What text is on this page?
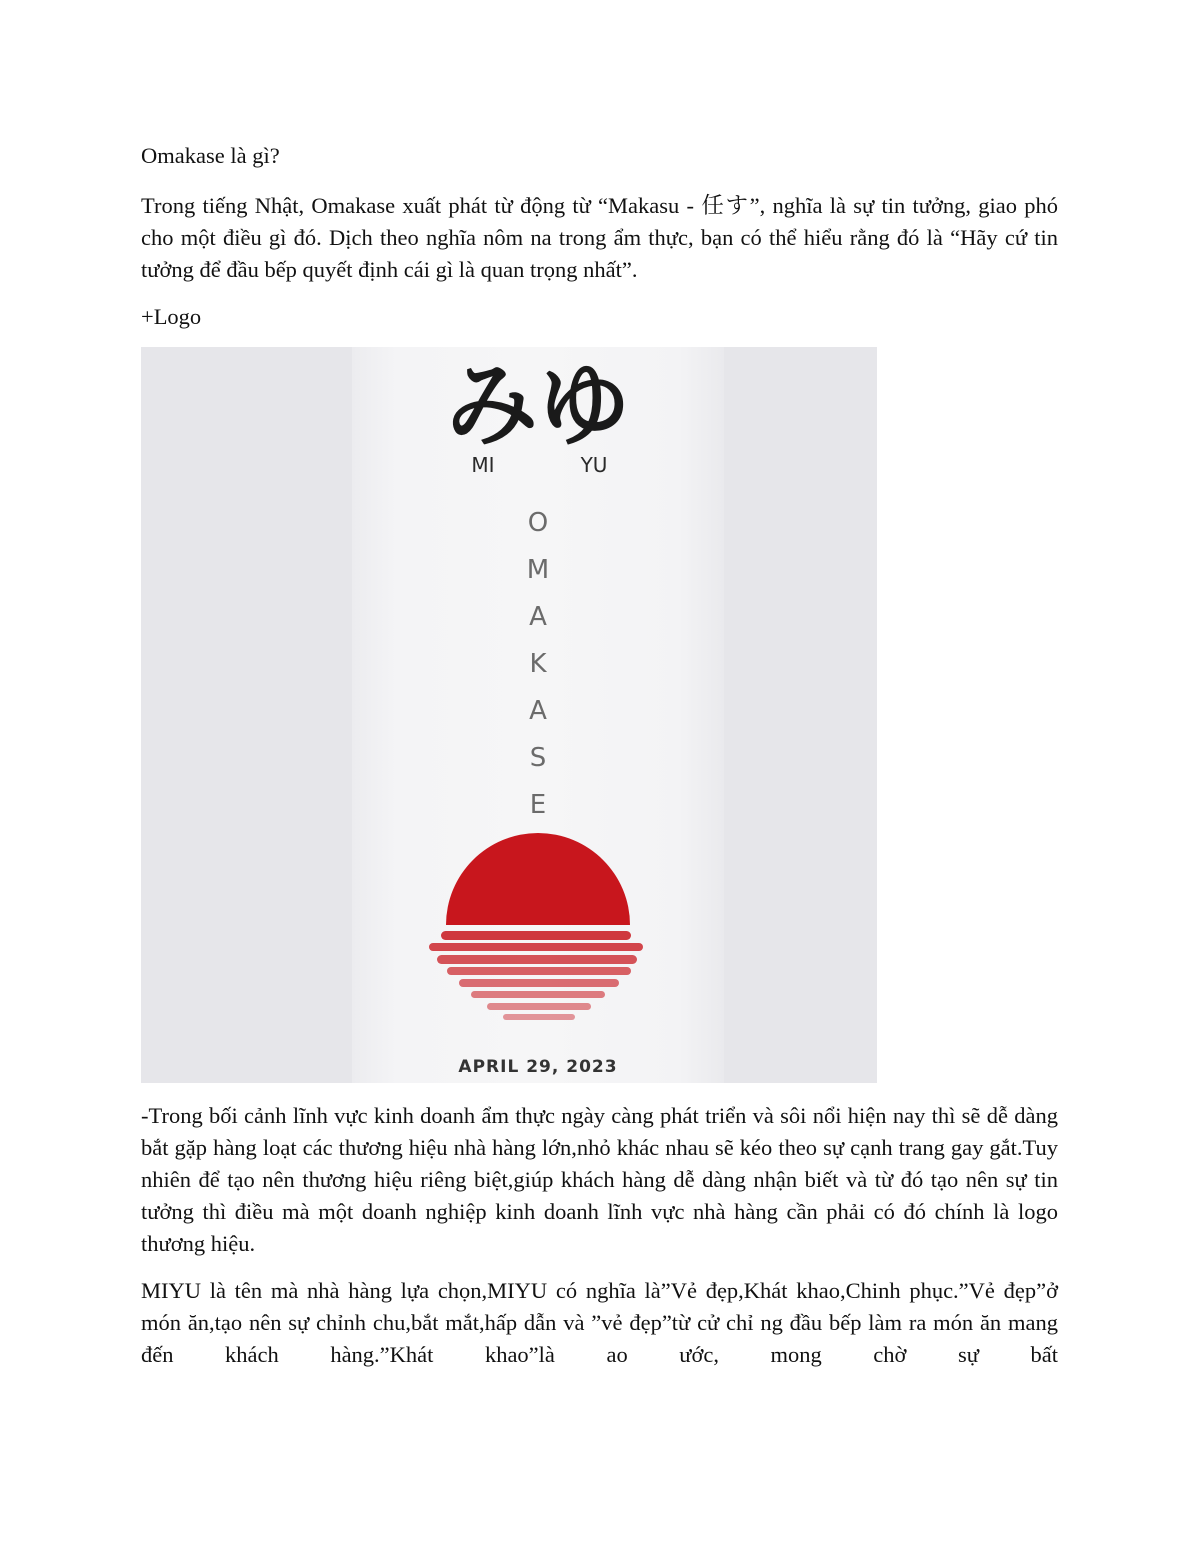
Omakase là gì?

Trong tiếng Nhật, Omakase xuất phát từ động từ “Makasu - 任す”, nghĩa là sự tin tưởng, giao phó cho một điều gì đó. Dịch theo nghĩa nôm na trong ẩm thực, bạn có thể hiểu rằng đó là “Hãy cứ tin tưởng để đầu bếp quyết định cái gì là quan trọng nhất”.

+Logo

みゆ
MI	YU
O
M
A
K
A
S
E
APRIL 29, 2023

-Trong bối cảnh lĩnh vực kinh doanh ẩm thực ngày càng phát triển và sôi nổi hiện nay thì sẽ dễ dàng bắt gặp hàng loạt các thương hiệu nhà hàng lớn,nhỏ khác nhau sẽ kéo theo sự cạnh trang gay gắt.Tuy nhiên để tạo nên thương hiệu riêng biệt,giúp khách hàng dễ dàng nhận biết và từ đó tạo nên sự tin tưởng thì điều mà một doanh nghiệp kinh doanh lĩnh vực nhà hàng cần phải có đó chính là logo thương hiệu.

MIYU là tên mà nhà hàng lựa chọn,MIYU có nghĩa là”Vẻ đẹp,Khát khao,Chinh phục.”Vẻ đẹp”ở món ăn,tạo nên sự chỉnh chu,bắt mắt,hấp dẫn và ”vẻ đẹp”từ cử chỉ ng đầu bếp làm ra món ăn mang đến khách hàng.”Khát khao”là ao ước, mong chờ sự bất
